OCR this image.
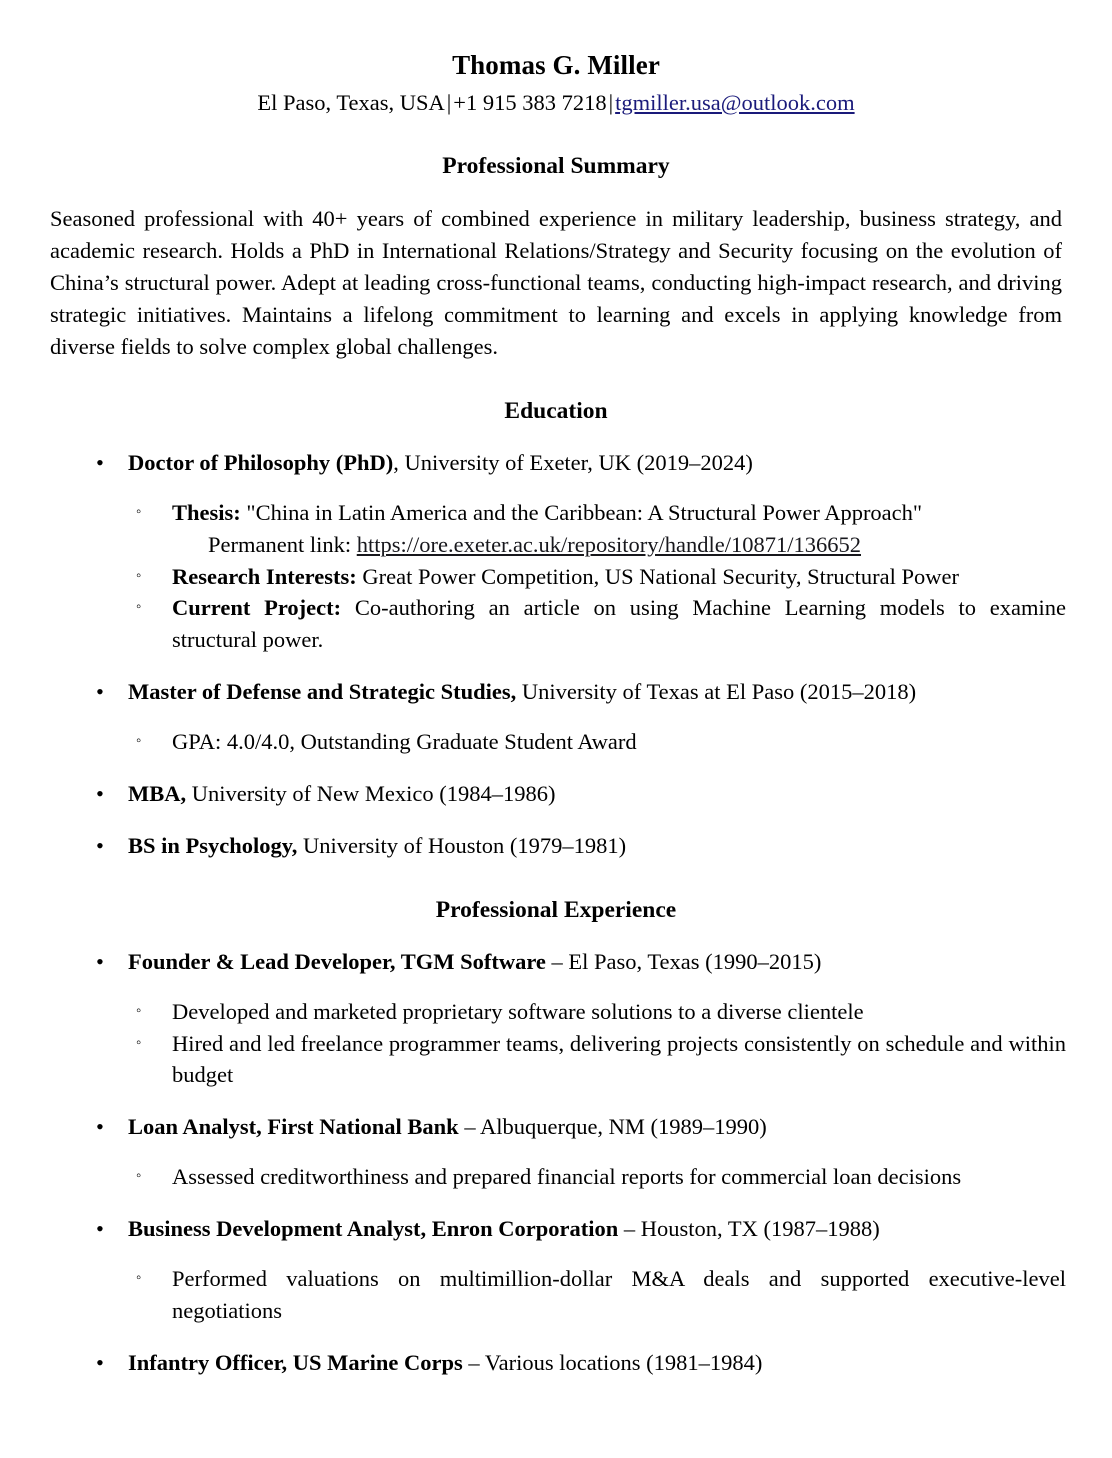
Thomas G. Miller
El Paso, Texas, USA|+1 915 383 7218|tgmiller.usa@outlook.com
Professional Summary

Seasoned professional with 40+ years of combined experience in military leadership, business strategy, and academic research. Holds a PhD in International Relations/Strategy and Security focusing on the evolution of China’s structural power. Adept at leading cross-functional teams, conducting high-impact research, and driving strategic initiatives. Maintains a lifelong commitment to learning and excels in applying knowledge from diverse fields to solve complex global challenges.

Education
• Doctor of Philosophy (PhD), University of Exeter, UK (2019–2024)
◦ Thesis: "China in Latin America and the Caribbean: A Structural Power Approach"
Permanent link: https://ore.exeter.ac.uk/repository/handle/10871/136652
◦ Research Interests: Great Power Competition, US National Security, Structural Power
◦ Current Project: Co-authoring an article on using Machine Learning models to examine structural power.
• Master of Defense and Strategic Studies, University of Texas at El Paso (2015–2018)
◦ GPA: 4.0/4.0, Outstanding Graduate Student Award
• MBA, University of New Mexico (1984–1986)
• BS in Psychology, University of Houston (1979–1981)
Professional Experience
• Founder & Lead Developer, TGM Software – El Paso, Texas (1990–2015)
◦ Developed and marketed proprietary software solutions to a diverse clientele
◦ Hired and led freelance programmer teams, delivering projects consistently on schedule and within budget
• Loan Analyst, First National Bank – Albuquerque, NM (1989–1990)
◦ Assessed creditworthiness and prepared financial reports for commercial loan decisions
• Business Development Analyst, Enron Corporation – Houston, TX (1987–1988)
◦ Performed valuations on multimillion-dollar M&A deals and supported executive-level negotiations
• Infantry Officer, US Marine Corps – Various locations (1981–1984)
